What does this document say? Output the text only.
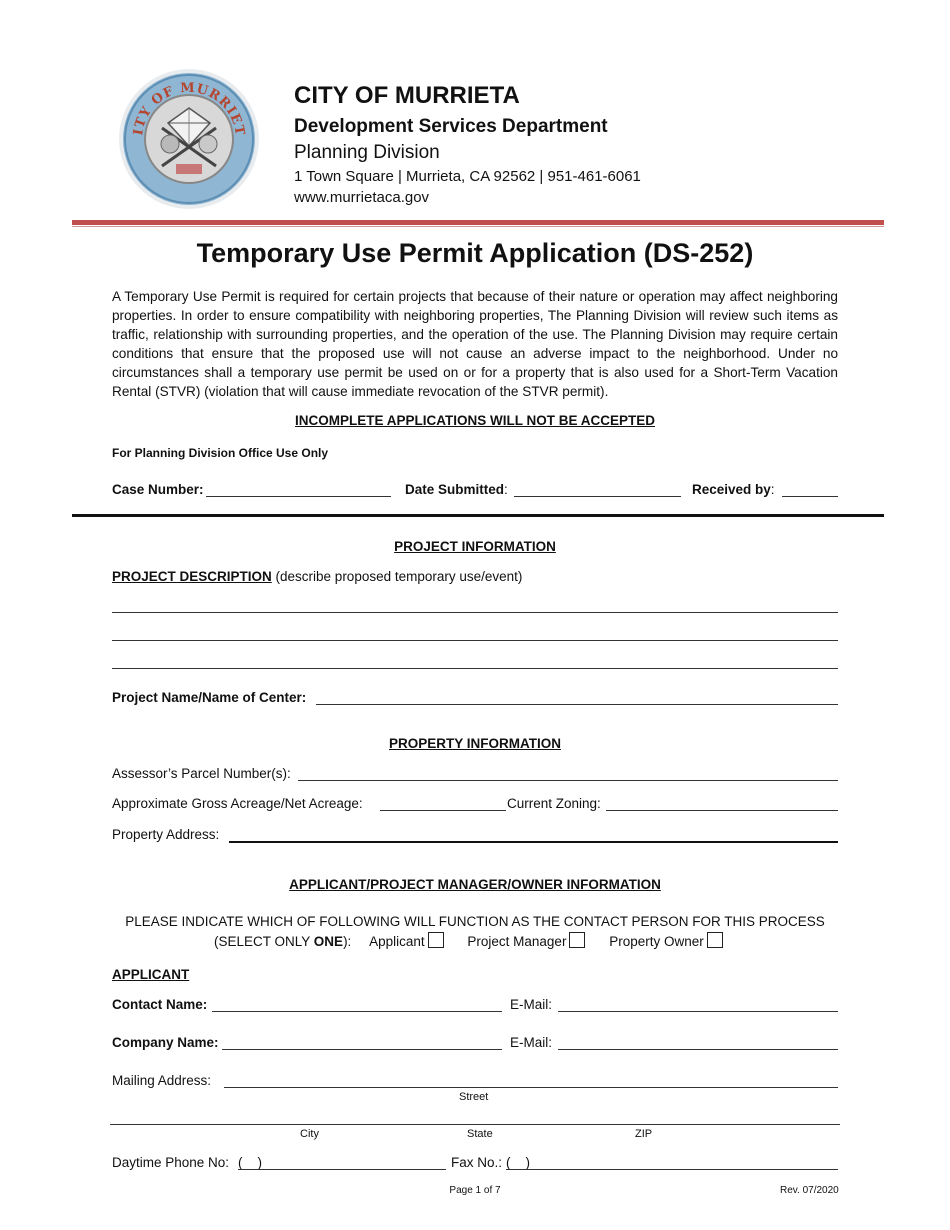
ITY OF MURRIET
CITY OF MURRIETA
Development Services Department
Planning Division
1 Town Square | Murrieta, CA 92562 | 951-461-6061
www.murrietaca.gov
Temporary Use Permit Application (DS-252)
A Temporary Use Permit is required for certain projects that because of their nature or operation may affect neighboring properties. In order to ensure compatibility with neighboring properties, The Planning Division will review such items as traffic, relationship with surrounding properties, and the operation of the use. The Planning Division may require certain conditions that ensure that the proposed use will not cause an adverse impact to the neighborhood. Under no circumstances shall a temporary use permit be used on or for a property that is also used for a Short-Term Vacation Rental (STVR) (violation that will cause immediate revocation of the STVR permit).
INCOMPLETE APPLICATIONS WILL NOT BE ACCEPTED
For Planning Division Office Use Only
Case Number:	Date Submitted:	Received by:
PROJECT INFORMATION
PROJECT DESCRIPTION (describe proposed temporary use/event)
Project Name/Name of Center:
PROPERTY INFORMATION
Assessor’s Parcel Number(s):
Approximate Gross Acreage/Net Acreage:	Current Zoning:
Property Address:
APPLICANT/PROJECT MANAGER/OWNER INFORMATION
PLEASE INDICATE WHICH OF FOLLOWING WILL FUNCTION AS THE CONTACT PERSON FOR THIS PROCESS
(SELECT ONLY ONE): Applicant	Project Manager	Property Owner
APPLICANT
Contact Name:	E-Mail:
Company Name:	E-Mail:
Mailing Address:
Street
City	State	ZIP
Daytime Phone No: (    )	Fax No.: (    )
Page 1 of 7	Rev. 07/2020
